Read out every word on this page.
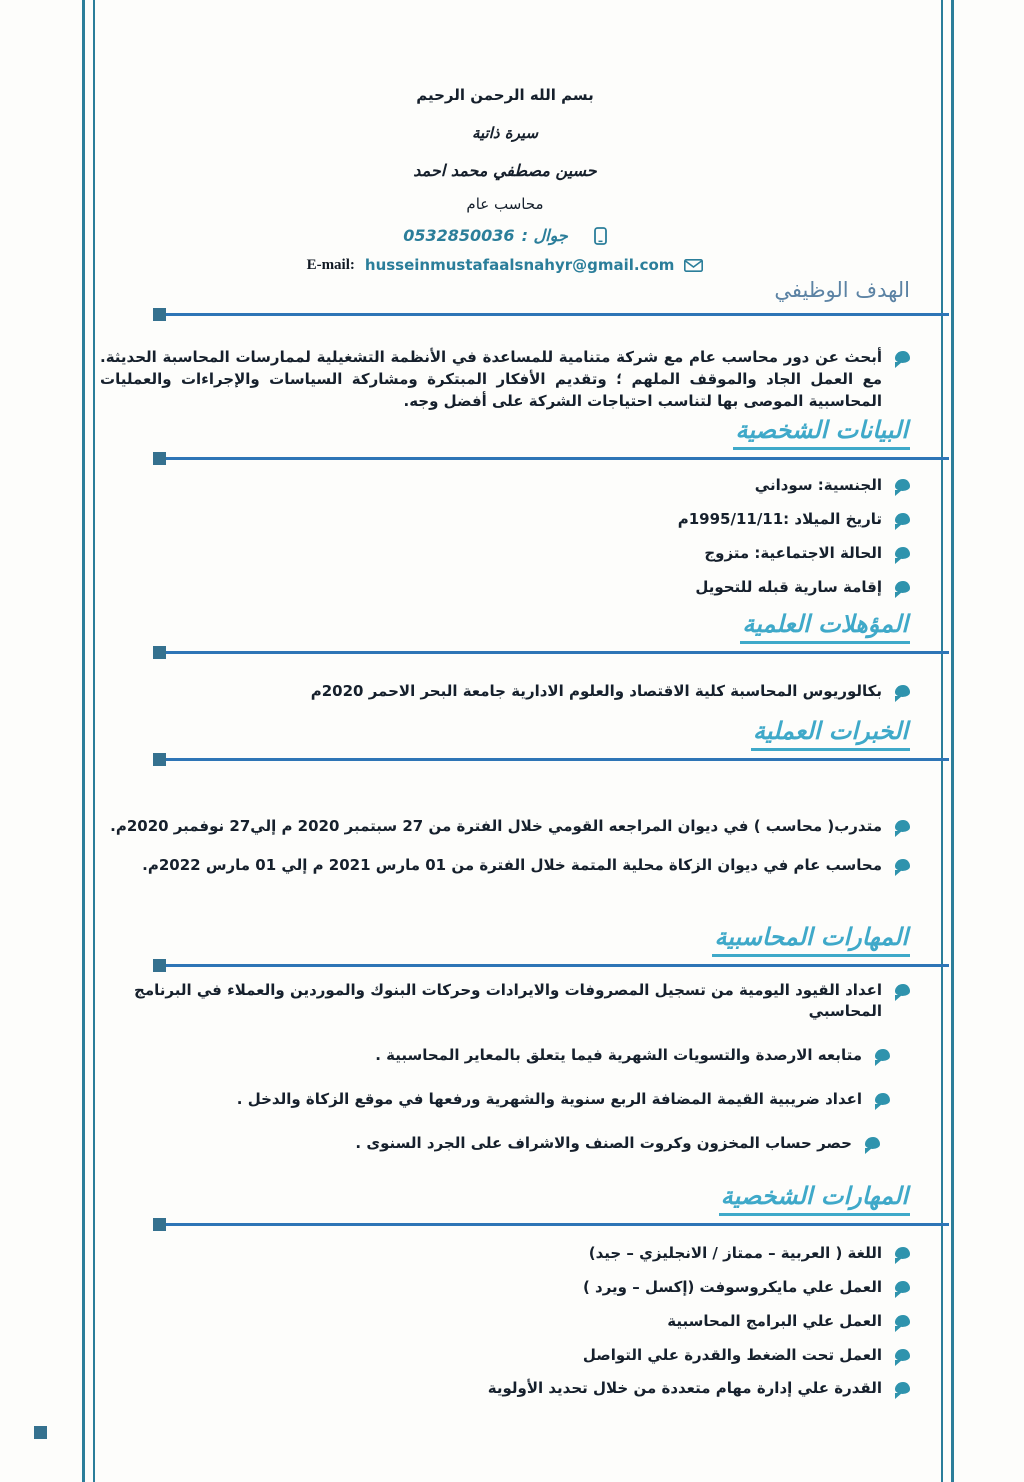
بسم الله الرحمن الرحيم
سيرة ذاتية
حسين مصطفي محمد احمد
محاسب عام
جوال :
0532850036
E-mail: husseinmustafaalsnahyr@gmail.com
الهدف الوظيفي
أبحث عن دور محاسب عام مع شركة متنامية للمساعدة في الأنظمة التشغيلية لممارسات المحاسبة الحديثة. مع العمل الجاد والموقف الملهم ؛ وتقديم الأفكار المبتكرة ومشاركة السياسات والإجراءات والعمليات المحاسبية الموصى بها لتناسب احتياجات الشركة على أفضل وجه.
البيانات الشخصية
الجنسية: سوداني
تاريخ الميلاد :1995/11/11م
الحالة الاجتماعية: متزوج
إقامة سارية قبله للتحويل
المؤهلات العلمية
بكالوريوس المحاسبة كلية الاقتصاد والعلوم الادارية جامعة البحر الاحمر 2020م
الخبرات العملية
متدرب( محاسب ) في ديوان المراجعه القومي خلال الفترة من 27 سبتمبر 2020 م إلي27 نوفمبر 2020م.
محاسب عام في ديوان الزكاة محلية المتمة خلال الفترة من 01 مارس 2021 م إلي 01 مارس 2022م.
المهارات المحاسبية
اعداد القيود اليومية من تسجيل المصروفات والايرادات وحركات البنوك والموردين والعملاء في البرنامج المحاسبي
متابعه الارصدة والتسويات الشهرية فيما يتعلق بالمعاير المحاسبية .
اعداد ضريبية القيمة المضافة الربع سنوية والشهرية ورفعها في موقع الزكاة والدخل .
حصر حساب المخزون وكروت الصنف والاشراف على الجرد السنوى .
المهارات الشخصية
اللغة ( العربية – ممتاز / الانجليزي – جيد)
العمل علي مايكروسوفت (إكسل – ويرد )
العمل علي البرامج المحاسبية
العمل تحت الضغط والقدرة علي التواصل
القدرة علي إدارة مهام متعددة من خلال تحديد الأولوية
